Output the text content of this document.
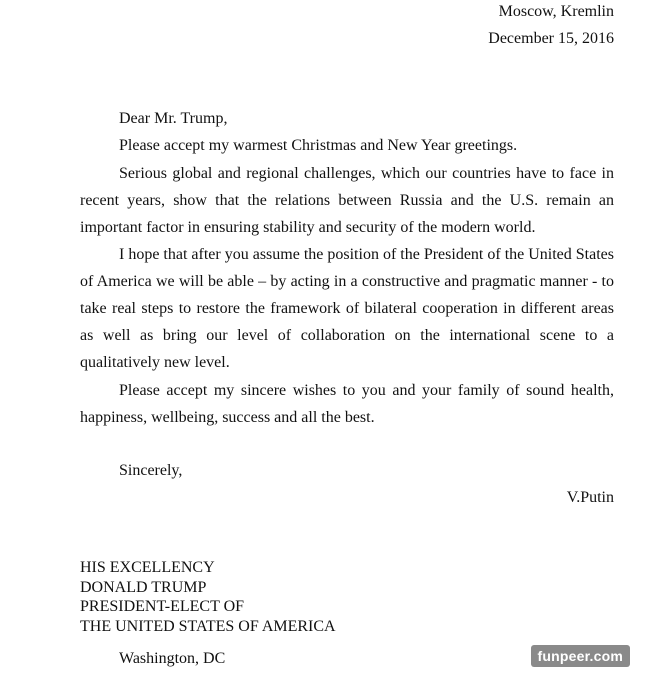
Moscow, Kremlin
December 15, 2016
Dear Mr. Trump,

Please accept my warmest Christmas and New Year greetings.

Serious global and regional challenges, which our countries have to face in recent years, show that the relations between Russia and the U.S. remain an important factor in ensuring stability and security of the modern world.

I hope that after you assume the position of the President of the United States of America we will be able – by acting in a constructive and pragmatic manner - to take real steps to restore the framework of bilateral cooperation in different areas as well as bring our level of collaboration on the international scene to a qualitatively new level.

Please accept my sincere wishes to you and your family of sound health, happiness, wellbeing, success and all the best.

Sincerely,
V.Putin
HIS EXCELLENCY
DONALD TRUMP
PRESIDENT-ELECT OF
THE UNITED STATES OF AMERICA
Washington, DC	funpeer.com
